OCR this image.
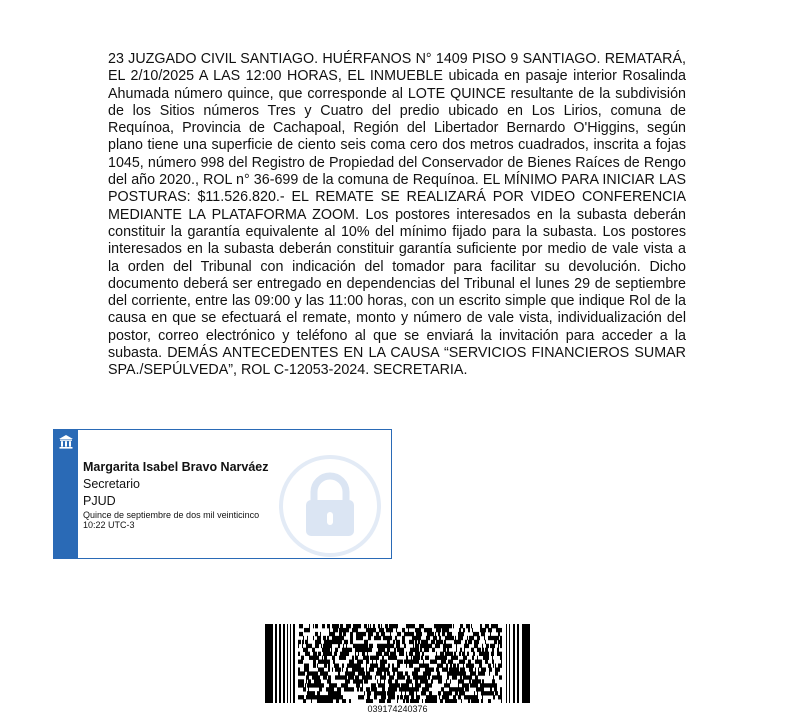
23 JUZGADO CIVIL SANTIAGO. HUÉRFANOS N° 1409 PISO 9 SANTIAGO. REMATARÁ, EL 2/10/2025 A LAS 12:00 HORAS, EL INMUEBLE ubicada en pasaje interior Rosalinda Ahumada número quince, que corresponde al LOTE QUINCE resultante de la subdivisión de los Sitios números Tres y Cuatro del predio ubicado en Los Lirios, comuna de Requínoa, Provincia de Cachapoal, Región del Libertador Bernardo O'Higgins, según plano tiene una superficie de ciento seis coma cero dos metros cuadrados, inscrita a fojas 1045, número 998 del Registro de Propiedad del Conservador de Bienes Raíces de Rengo del año 2020., ROL n° 36-699 de la comuna de Requínoa. EL MÍNIMO PARA INICIAR LAS POSTURAS: $11.526.820.- EL REMATE SE REALIZARÁ POR VIDEO CONFERENCIA MEDIANTE LA PLATAFORMA ZOOM. Los postores interesados en la subasta deberán constituir la garantía equivalente al 10% del mínimo fijado para la subasta. Los postores interesados en la subasta deberán constituir garantía suficiente por medio de vale vista a la orden del Tribunal con indicación del tomador para facilitar su devolución. Dicho documento deberá ser entregado en dependencias del Tribunal el lunes 29 de septiembre del corriente, entre las 09:00 y las 11:00 horas, con un escrito simple que indique Rol de la causa en que se efectuará el remate, monto y número de vale vista, individualización del postor, correo electrónico y teléfono al que se enviará la invitación para acceder a la subasta. DEMÁS ANTECEDENTES EN LA CAUSA “SERVICIOS FINANCIEROS SUMAR SPA./SEPÚLVEDA”, ROL C-12053-2024. SECRETARIA.

Margarita Isabel Bravo Narváez
Secretario
PJUD
Quince de septiembre de dos mil veinticinco
10:22 UTC-3
039174240376
